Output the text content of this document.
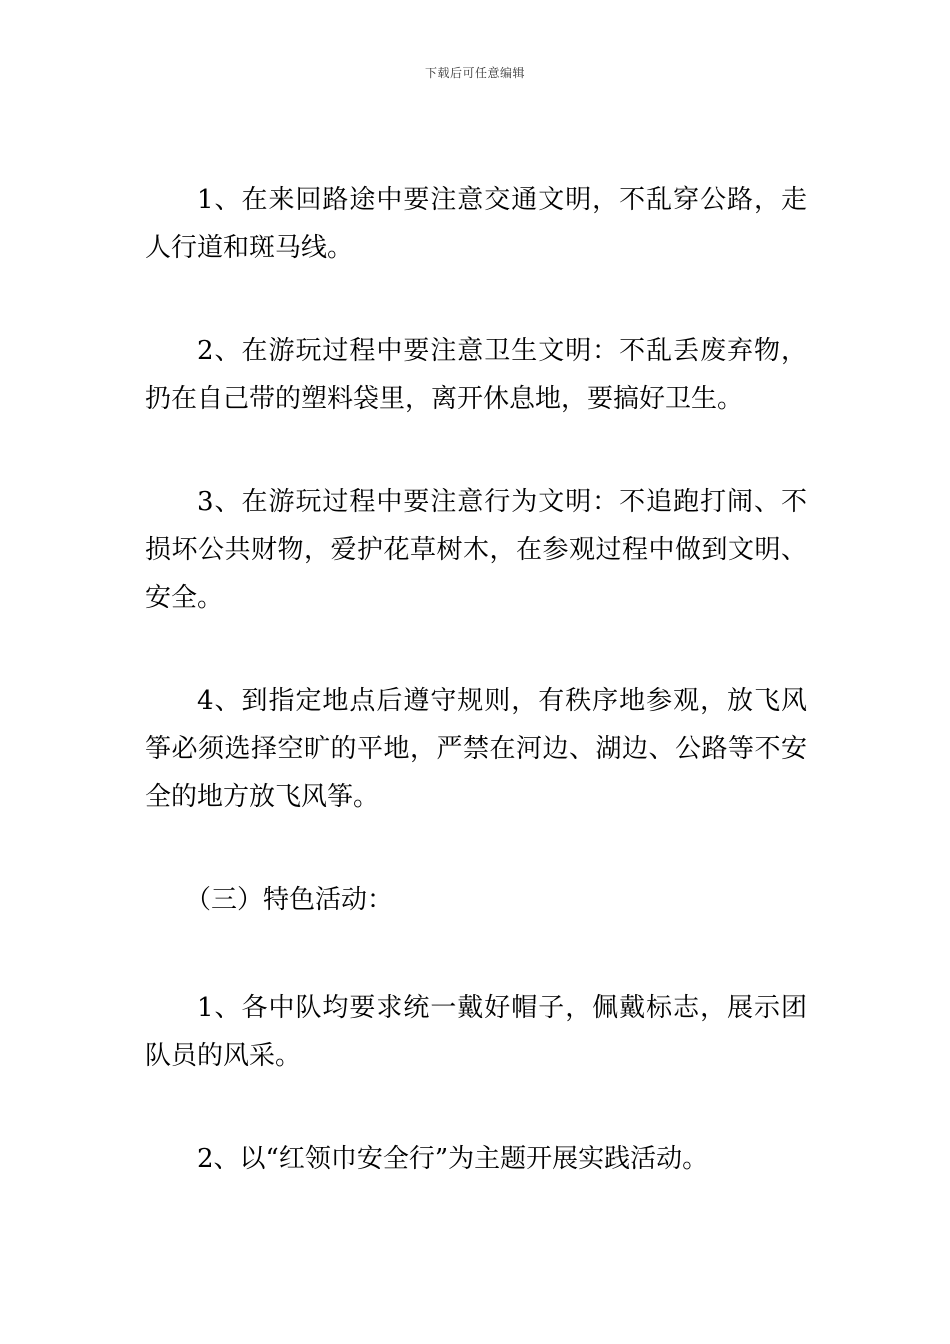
下载后可任意编辑

1、在来回路途中要注意交通文明，不乱穿公路，走人行道和斑马线。

2、在游玩过程中要注意卫生文明：不乱丢废弃物，扔在自己带的塑料袋里，离开休息地，要搞好卫生。

3、在游玩过程中要注意行为文明：不追跑打闹、不损坏公共财物，爱护花草树木，在参观过程中做到文明、安全。

4、到指定地点后遵守规则，有秩序地参观，放飞风筝必须选择空旷的平地，严禁在河边、湖边、公路等不安全的地方放飞风筝。

（三）特色活动：

1、各中队均要求统一戴好帽子，佩戴标志，展示团队员的风采。

2、以“红领巾安全行”为主题开展实践活动。
